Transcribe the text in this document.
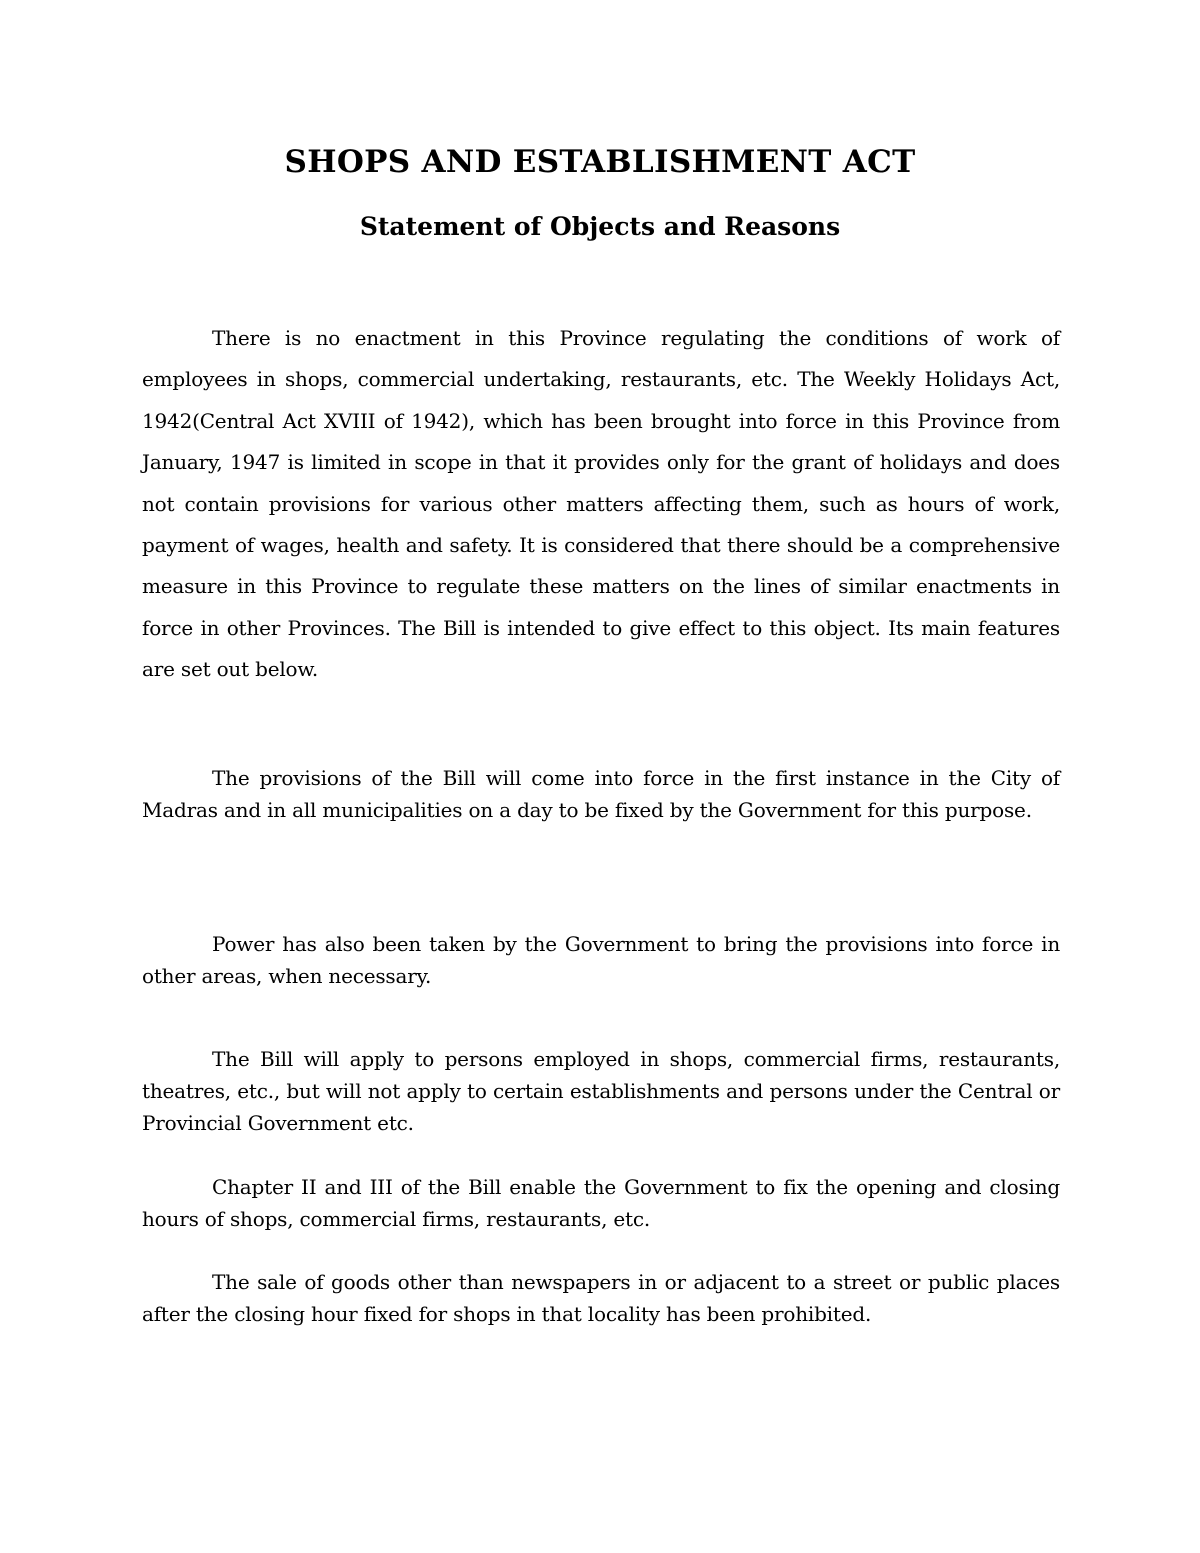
SHOPS AND ESTABLISHMENT ACT
Statement of Objects and Reasons

There is no enactment in this Province regulating the conditions of work of employees in shops, commercial undertaking, restaurants, etc. The Weekly Holidays Act, 1942(Central Act XVIII of 1942), which has been brought into force in this Province from January, 1947 is limited in scope in that it provides only for the grant of holidays and does not contain provisions for various other matters affecting them, such as hours of work, payment of wages, health and safety. It is considered that there should be a comprehensive measure in this Province to regulate these matters on the lines of similar enactments in force in other Provinces. The Bill is intended to give effect to this object. Its main features are set out below.

The provisions of the Bill will come into force in the first instance in the City of Madras and in all municipalities on a day to be fixed by the Government for this purpose.

Power has also been taken by the Government to bring the provisions into force in other areas, when necessary.

The Bill will apply to persons employed in shops, commercial firms, restaurants, theatres, etc., but will not apply to certain establishments and persons under the Central or Provincial Government etc.

Chapter II and III of the Bill enable the Government to fix the opening and closing hours of shops, commercial firms, restaurants, etc.

The sale of goods other than newspapers in or adjacent to a street or public places after the closing hour fixed for shops in that locality has been prohibited.
